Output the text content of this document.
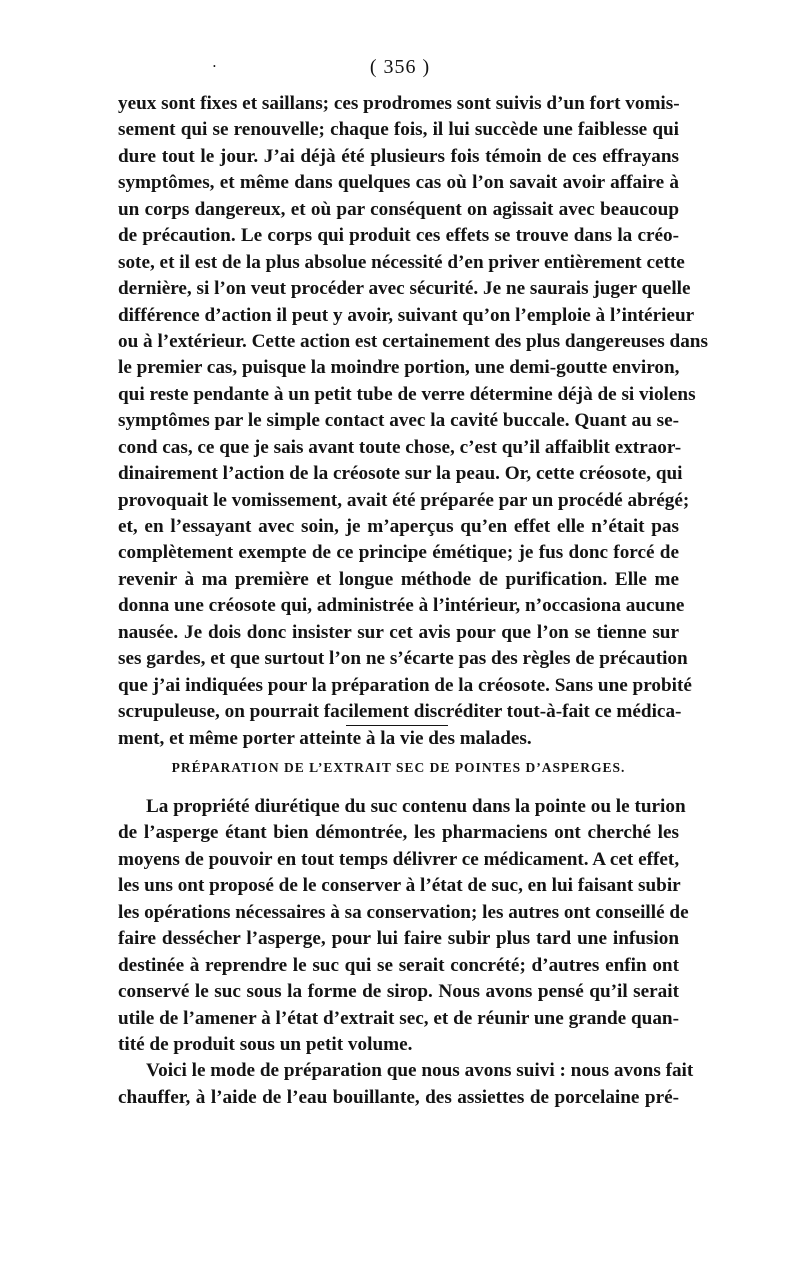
•	( 356 )
yeux sont fixes et saillans; ces prodromes sont suivis d’un fort vomis-
sement qui se renouvelle; chaque fois, il lui succède une faiblesse qui
dure tout le jour. J’ai déjà été plusieurs fois témoin de ces effrayans
symptômes, et même dans quelques cas où l’on savait avoir affaire à
un corps dangereux, et où par conséquent on agissait avec beaucoup
de précaution. Le corps qui produit ces effets se trouve dans la créo-
sote, et il est de la plus absolue nécessité d’en priver entièrement cette
dernière, si l’on veut procéder avec sécurité. Je ne saurais juger quelle
différence d’action il peut y avoir, suivant qu’on l’emploie à l’intérieur
ou à l’extérieur. Cette action est certainement des plus dangereuses dans
le premier cas, puisque la moindre portion, une demi-goutte environ,
qui reste pendante à un petit tube de verre détermine déjà de si violens
symptômes par le simple contact avec la cavité buccale. Quant au se-
cond cas, ce que je sais avant toute chose, c’est qu’il affaiblit extraor-
dinairement l’action de la créosote sur la peau. Or, cette créosote, qui
provoquait le vomissement, avait été préparée par un procédé abrégé;
et, en l’essayant avec soin, je m’aperçus qu’en effet elle n’était pas
complètement exempte de ce principe émétique; je fus donc forcé de
revenir à ma première et longue méthode de purification. Elle me
donna une créosote qui, administrée à l’intérieur, n’occasiona aucune
nausée. Je dois donc insister sur cet avis pour que l’on se tienne sur
ses gardes, et que surtout l’on ne s’écarte pas des règles de précaution
que j’ai indiquées pour la préparation de la créosote. Sans une probité
scrupuleuse, on pourrait facilement discréditer tout-à-fait ce médica-
ment, et même porter atteinte à la vie des malades.
PRÉPARATION DE L’EXTRAIT SEC DE POINTES D’ASPERGES.
La propriété diurétique du suc contenu dans la pointe ou le turion
de l’asperge étant bien démontrée, les pharmaciens ont cherché les
moyens de pouvoir en tout temps délivrer ce médicament. A cet effet,
les uns ont proposé de le conserver à l’état de suc, en lui faisant subir
les opérations nécessaires à sa conservation; les autres ont conseillé de
faire dessécher l’asperge, pour lui faire subir plus tard une infusion
destinée à reprendre le suc qui se serait concrété; d’autres enfin ont
conservé le suc sous la forme de sirop. Nous avons pensé qu’il serait
utile de l’amener à l’état d’extrait sec, et de réunir une grande quan-
tité de produit sous un petit volume.
Voici le mode de préparation que nous avons suivi : nous avons fait
chauffer, à l’aide de l’eau bouillante, des assiettes de porcelaine pré-
